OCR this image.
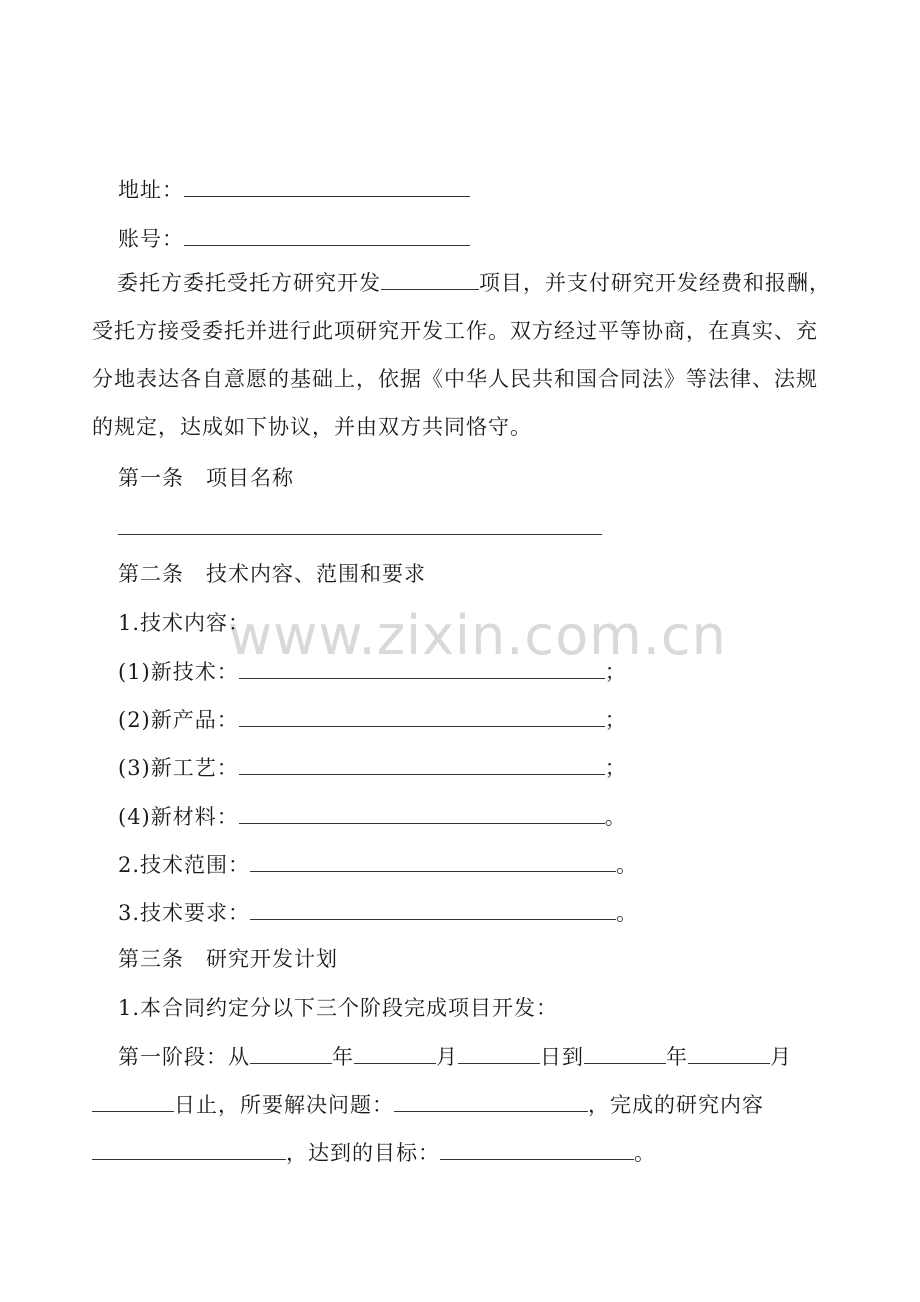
www.zixin.com.cn
地址：
账号：

委托方委托受托方研究开发	项目，并支付研究开发经费和报酬，受托方接受委托并进行此项研究开发工作。双方经过平等协商，在真实、充分地表达各自意愿的基础上，依据《中华人民共和国合同法》等法律、法规的规定，达成如下协议，并由双方共同恪守。

第一条　项目名称
第二条　技术内容、范围和要求
1.技术内容：
(1)新技术：	；
(2)新产品：	；
(3)新工艺：	；
(4)新材料：	。
2.技术范围：	。
3.技术要求：	。
第三条　研究开发计划
1.本合同约定分以下三个阶段完成项目开发：
第一阶段：从	年	月	日到	年	月
日止，所要解决问题：	，完成的研究内容
，达到的目标：	。
